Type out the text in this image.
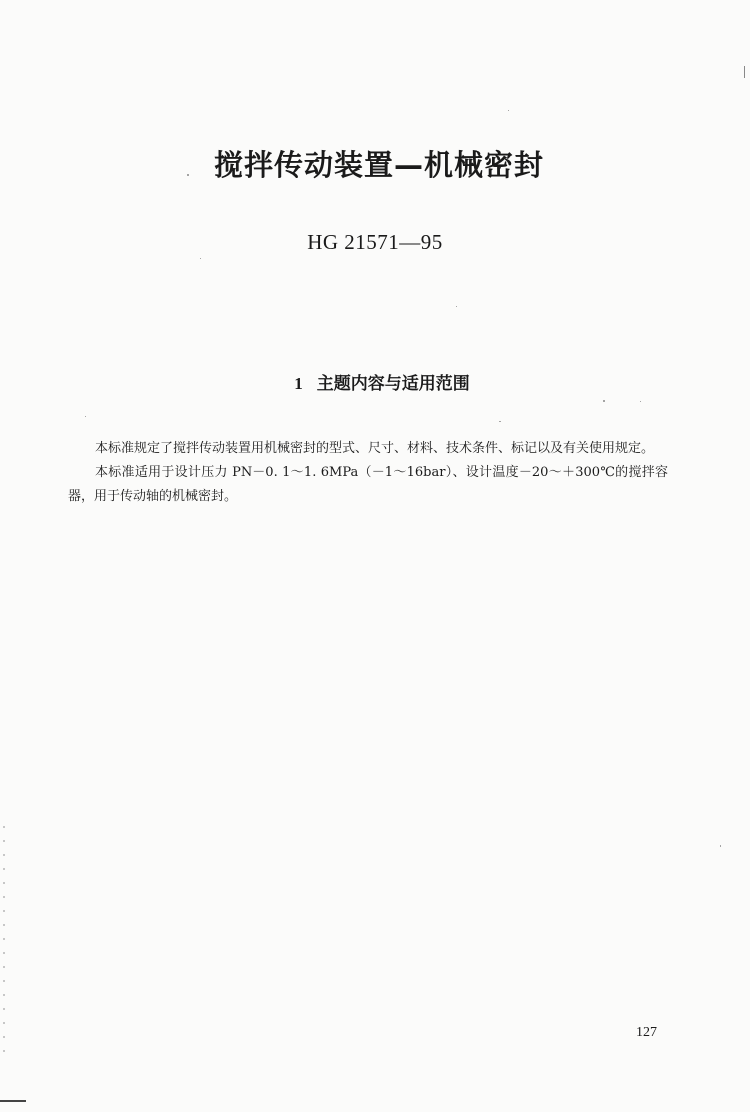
搅拌传动装置—机械密封
HG 21571—95
1 主题内容与适用范围

本标准规定了搅拌传动装置用机械密封的型式、尺寸、材料、技术条件、标记以及有关使用规定。

本标准适用于设计压力 PN－0. 1～1. 6MPa（－1～16bar）、设计温度－20～＋300℃的搅拌容器，用于传动轴的机械密封。

127
